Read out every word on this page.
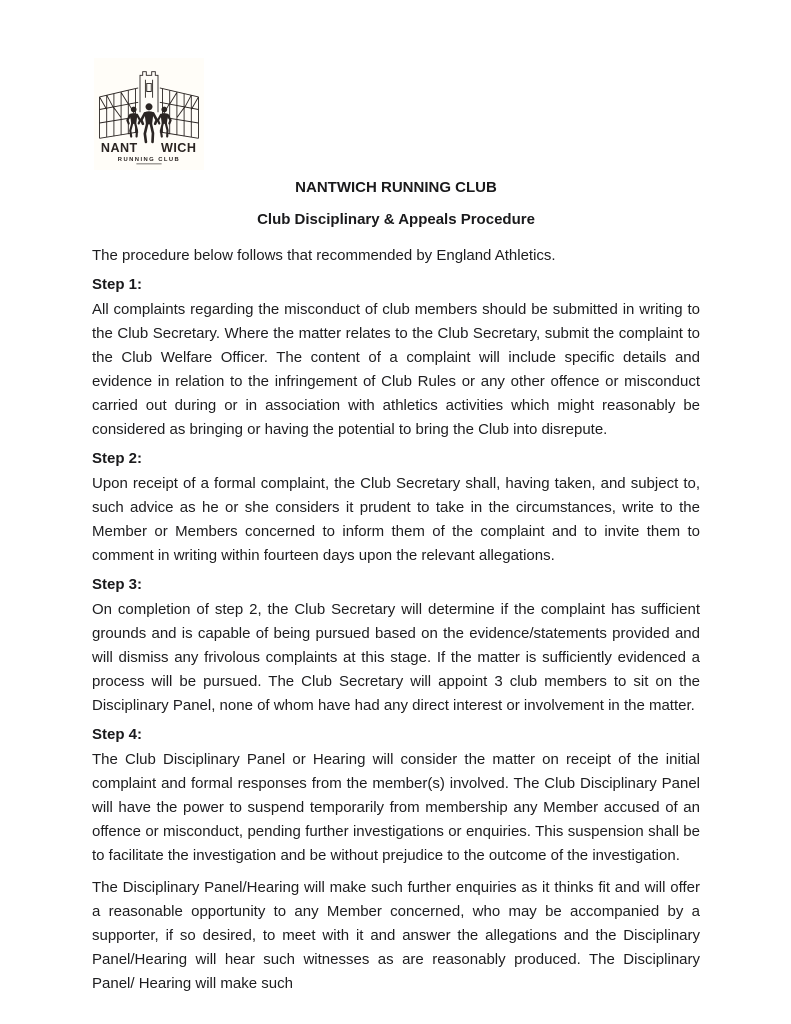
NANT WICH
RUNNING CLUB
NANTWICH RUNNING CLUB
Club Disciplinary & Appeals Procedure

The procedure below follows that recommended by England Athletics.

Step 1:

All complaints regarding the misconduct of club members should be submitted in writing to the Club Secretary. Where the matter relates to the Club Secretary, submit the complaint to the Club Welfare Officer. The content of a complaint will include specific details and evidence in relation to the infringement of Club Rules or any other offence or misconduct carried out during or in association with athletics activities which might reasonably be considered as bringing or having the potential to bring the Club into disrepute.

Step 2:

Upon receipt of a formal complaint, the Club Secretary shall, having taken, and subject to, such advice as he or she considers it prudent to take in the circumstances, write to the Member or Members concerned to inform them of the complaint and to invite them to comment in writing within fourteen days upon the relevant allegations.

Step 3:

On completion of step 2, the Club Secretary will determine if the complaint has sufficient grounds and is capable of being pursued based on the evidence/statements provided and will dismiss any frivolous complaints at this stage. If the matter is sufficiently evidenced a process will be pursued. The Club Secretary will appoint 3 club members to sit on the Disciplinary Panel, none of whom have had any direct interest or involvement in the matter.

Step 4:

The Club Disciplinary Panel or Hearing will consider the matter on receipt of the initial complaint and formal responses from the member(s) involved. The Club Disciplinary Panel will have the power to suspend temporarily from membership any Member accused of an offence or misconduct, pending further investigations or enquiries. This suspension shall be to facilitate the investigation and be without prejudice to the outcome of the investigation.

The Disciplinary Panel/Hearing will make such further enquiries as it thinks fit and will offer a reasonable opportunity to any Member concerned, who may be accompanied by a supporter, if so desired, to meet with it and answer the allegations and the Disciplinary Panel/Hearing will hear such witnesses as are reasonably produced. The Disciplinary Panel/ Hearing will make such
